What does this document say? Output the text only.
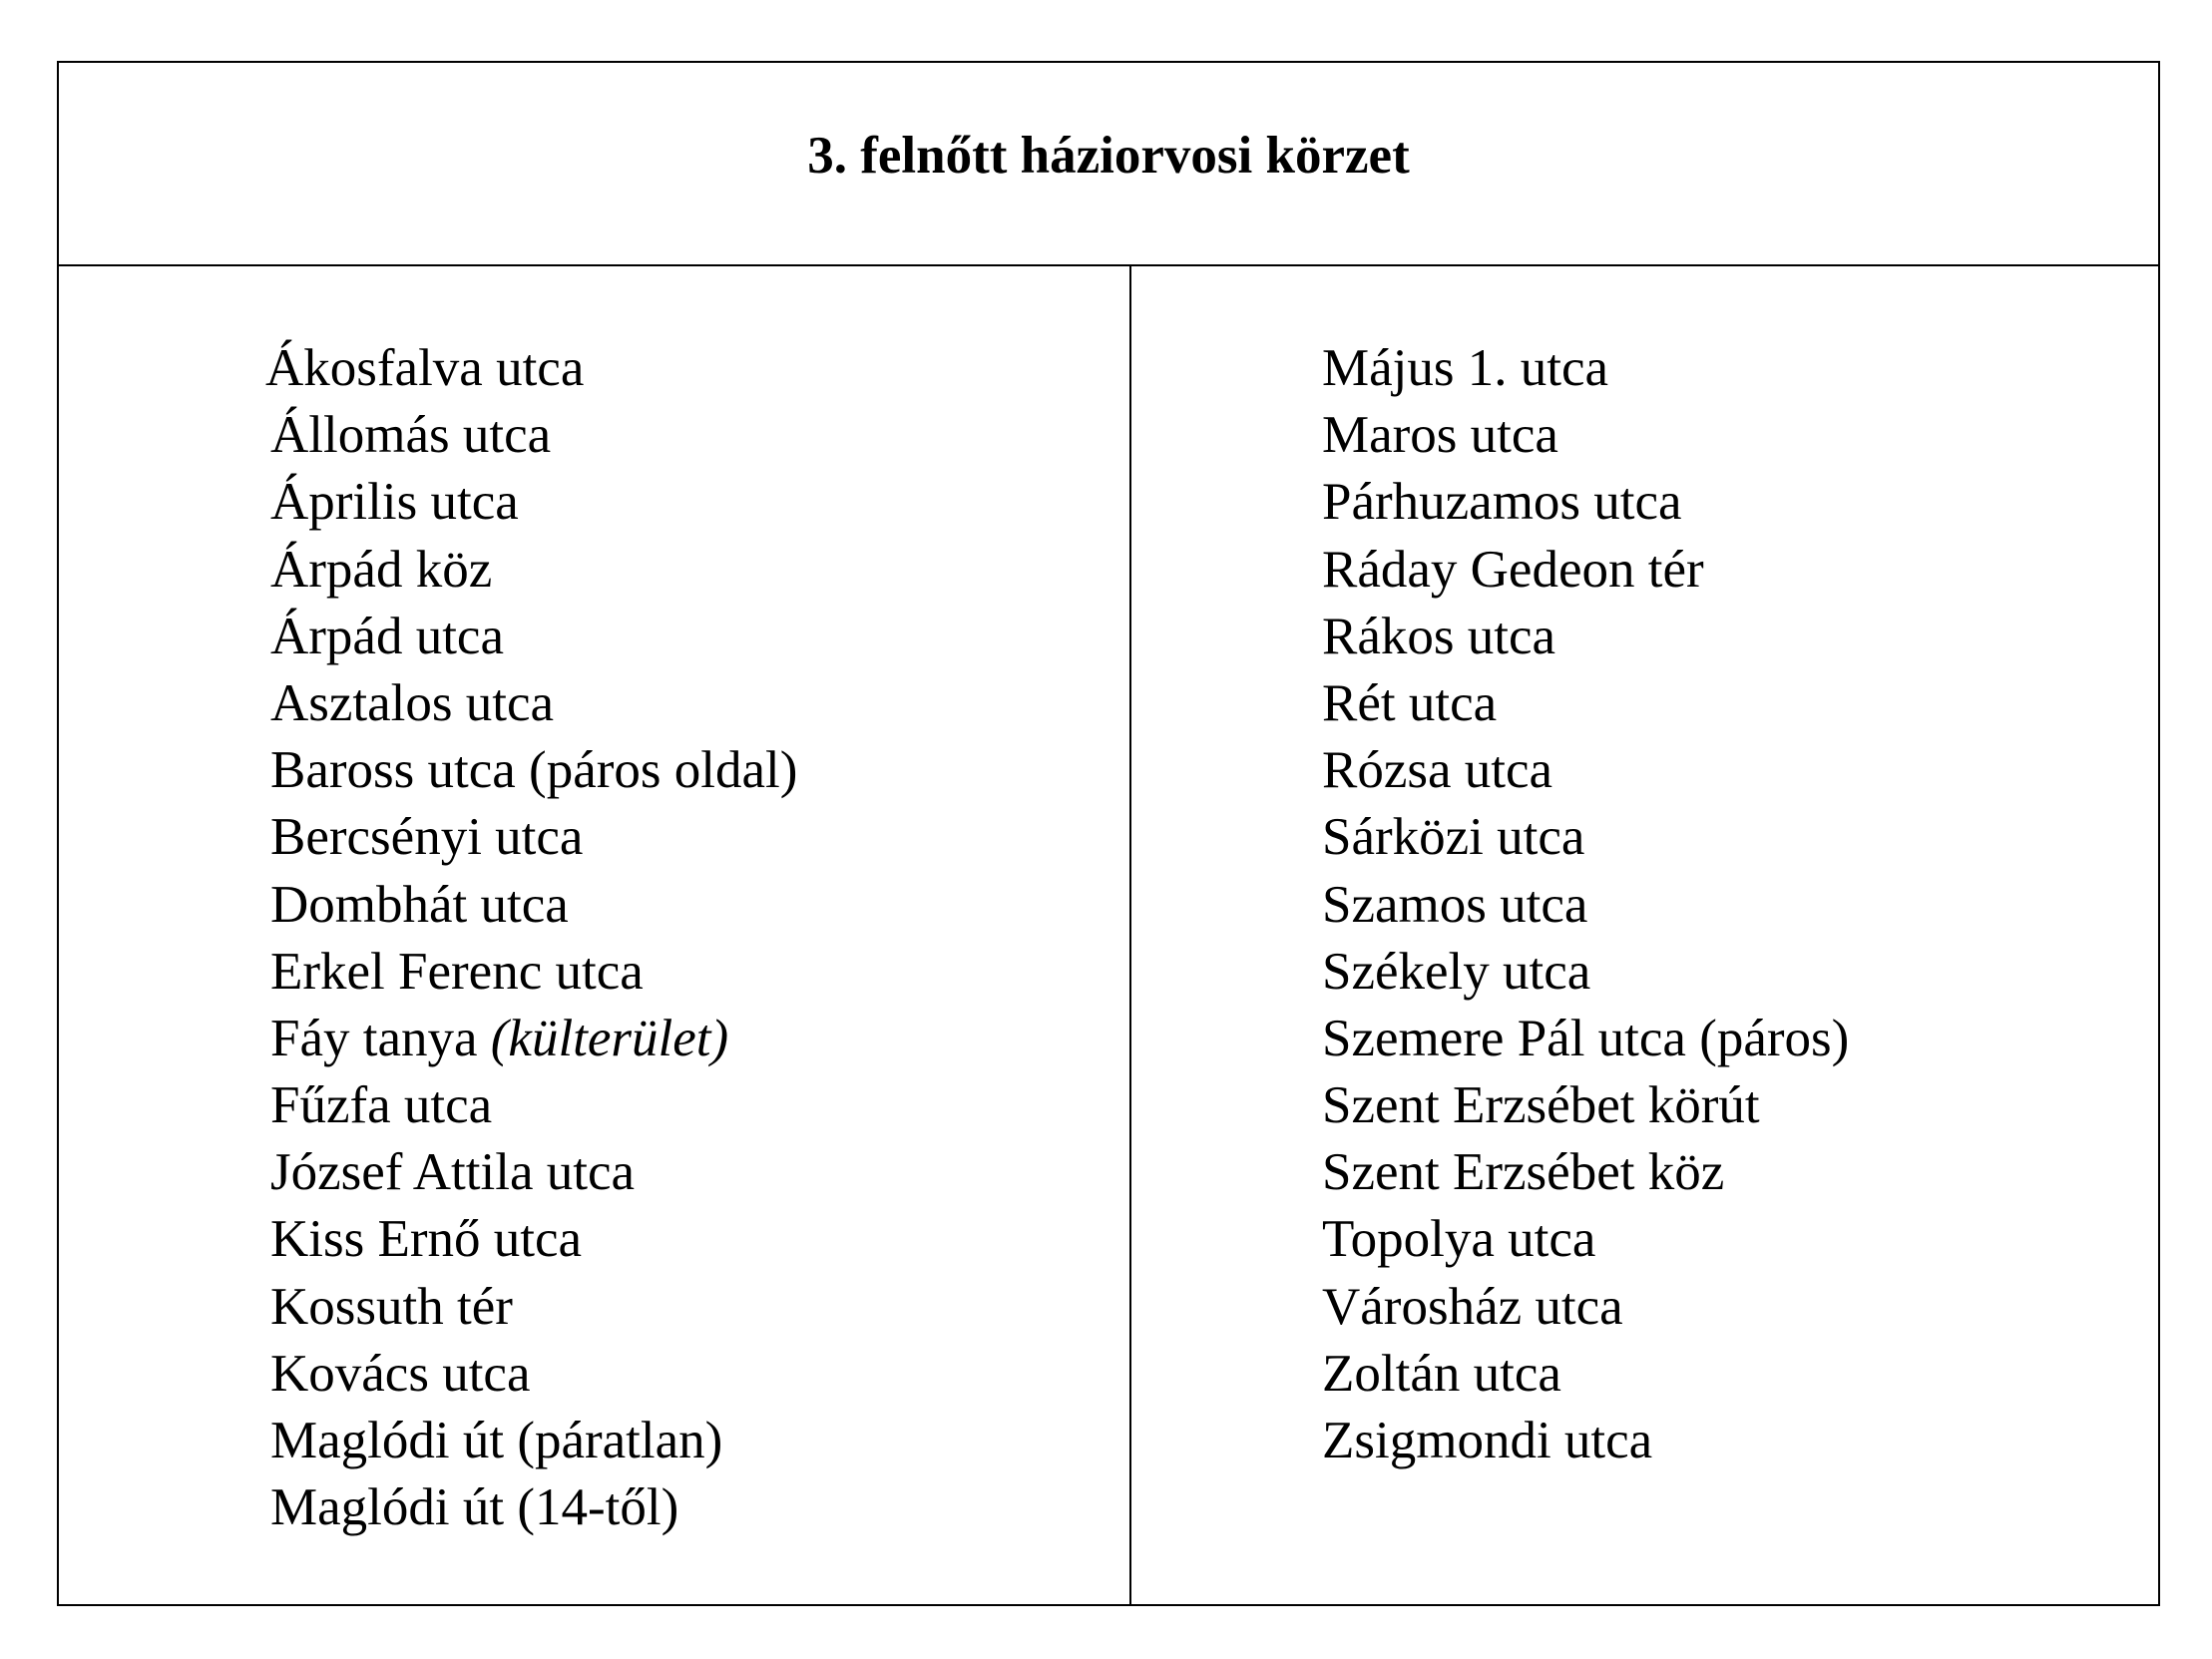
3. felnőtt háziorvosi körzet
Ákosfalva utca
Állomás utca
Április utca
Árpád köz
Árpád utca
Asztalos utca
Baross utca (páros oldal)
Bercsényi utca
Dombhát utca
Erkel Ferenc utca
Fáy tanya (külterület)
Fűzfa utca
József Attila utca
Kiss Ernő utca
Kossuth tér
Kovács utca
Maglódi út (páratlan)
Maglódi út (14-től)
Május 1. utca
Maros utca
Párhuzamos utca
Ráday Gedeon tér
Rákos utca
Rét utca
Rózsa utca
Sárközi utca
Szamos utca
Székely utca
Szemere Pál utca (páros)
Szent Erzsébet körút
Szent Erzsébet köz
Topolya utca
Városház utca
Zoltán utca
Zsigmondi utca
